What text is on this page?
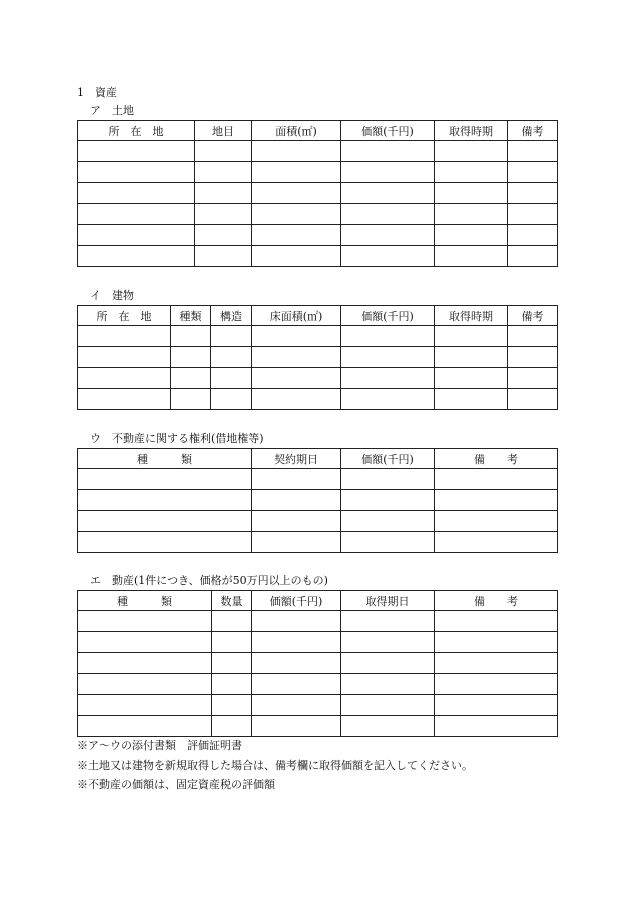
1　資産
ア　土地
所　在　地	地目	面積(㎡)	価額(千円)	取得時期	備考

イ　建物
所　在　地	種類	構造	床面積(㎡)	価額(千円)	取得時期	備考

ウ　不動産に関する権利(借地権等)
種　　　類	契約期日	価額(千円)	備　　考

エ　動産(1件につき、価格が50万円以上のもの)
種　　　類	数量	価額(千円)	取得期日	備　　考

※ア～ウの添付書類　評価証明書
※土地又は建物を新規取得した場合は、備考欄に取得価額を記入してください。
※不動産の価額は、固定資産税の評価額
